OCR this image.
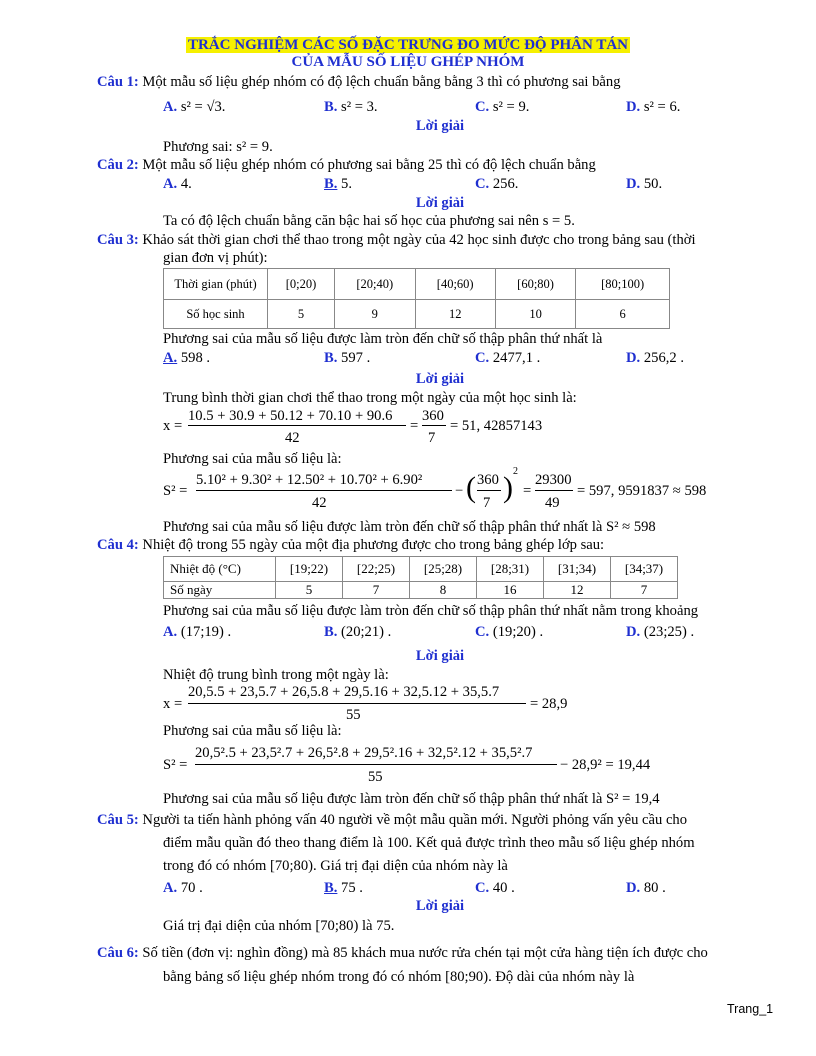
TRẮC NGHIỆM CÁC SỐ ĐẶC TRƯNG ĐO MỨC ĐỘ PHÂN TÁN
CỦA MẪU SỐ LIỆU GHÉP NHÓM
Câu 1: Một mẫu số liệu ghép nhóm có độ lệch chuẩn bằng bằng 3 thì có phương sai bằng
A. s² = √3.	B. s² = 3.	C. s² = 9.	D. s² = 6.
Lời giải
Phương sai: s² = 9.
Câu 2: Một mẫu số liệu ghép nhóm có phương sai bằng 25 thì có độ lệch chuẩn bằng
A. 4.	B. 5.	C. 256.	D. 50.
Lời giải
Ta có độ lệch chuẩn bằng căn bậc hai số học của phương sai nên s = 5.
Câu 3: Khảo sát thời gian chơi thể thao trong một ngày của 42 học sinh được cho trong bảng sau (thời
gian đơn vị phút):
Thời gian (phút)	[0;20)	[20;40)	[40;60)	[60;80)	[80;100)
Số học sinh	5	9	12	10	6
Phương sai của mẫu số liệu được làm tròn đến chữ số thập phân thứ nhất là
A. 598 .	B. 597 .	C. 2477,1 .	D. 256,2 .
Lời giải
Trung bình thời gian chơi thể thao trong một ngày của một học sinh là:
x =
10.5 + 30.9 + 50.12 + 70.10 + 90.6
42
=
360
7
= 51, 42857143
Phương sai của mẫu số liệu là:
S² =
5.10² + 9.30² + 12.50² + 10.70² + 6.90²
42
− ( 360
7 ) 2
=
29300
49
= 597, 9591837 ≈ 598
Phương sai của mẫu số liệu được làm tròn đến chữ số thập phân thứ nhất là S² ≈ 598
Câu 4: Nhiệt độ trong 55 ngày của một địa phương được cho trong bảng ghép lớp sau:
Nhiệt độ (°C)	[19;22)	[22;25)	[25;28)	[28;31)	[31;34)	[34;37)
Số ngày	5	7	8	16	12	7
Phương sai của mẫu số liệu được làm tròn đến chữ số thập phân thứ nhất nằm trong khoảng
A. (17;19) .	B. (20;21) .	C. (19;20) .	D. (23;25) .
Lời giải
Nhiệt độ trung bình trong một ngày là:
x =
20,5.5 + 23,5.7 + 26,5.8 + 29,5.16 + 32,5.12 + 35,5.7
55
= 28,9
Phương sai của mẫu số liệu là:
S² =
20,5².5 + 23,5².7 + 26,5².8 + 29,5².16 + 32,5².12 + 35,5².7
55
− 28,9² = 19,44
Phương sai của mẫu số liệu được làm tròn đến chữ số thập phân thứ nhất là S² = 19,4
Câu 5: Người ta tiến hành phỏng vấn 40 người về một mẫu quần mới. Người phỏng vấn yêu cầu cho
điểm mẫu quần đó theo thang điểm là 100. Kết quả được trình theo mẫu số liệu ghép nhóm
trong đó có nhóm [70;80). Giá trị đại diện của nhóm này là
A. 70 .	B. 75 .	C. 40 .	D. 80 .
Lời giải
Giá trị đại diện của nhóm [70;80) là 75.
Câu 6: Số tiền (đơn vị: nghìn đồng) mà 85 khách mua nước rửa chén tại một cửa hàng tiện ích được cho
bằng bảng số liệu ghép nhóm trong đó có nhóm [80;90). Độ dài của nhóm này là
Trang_1
